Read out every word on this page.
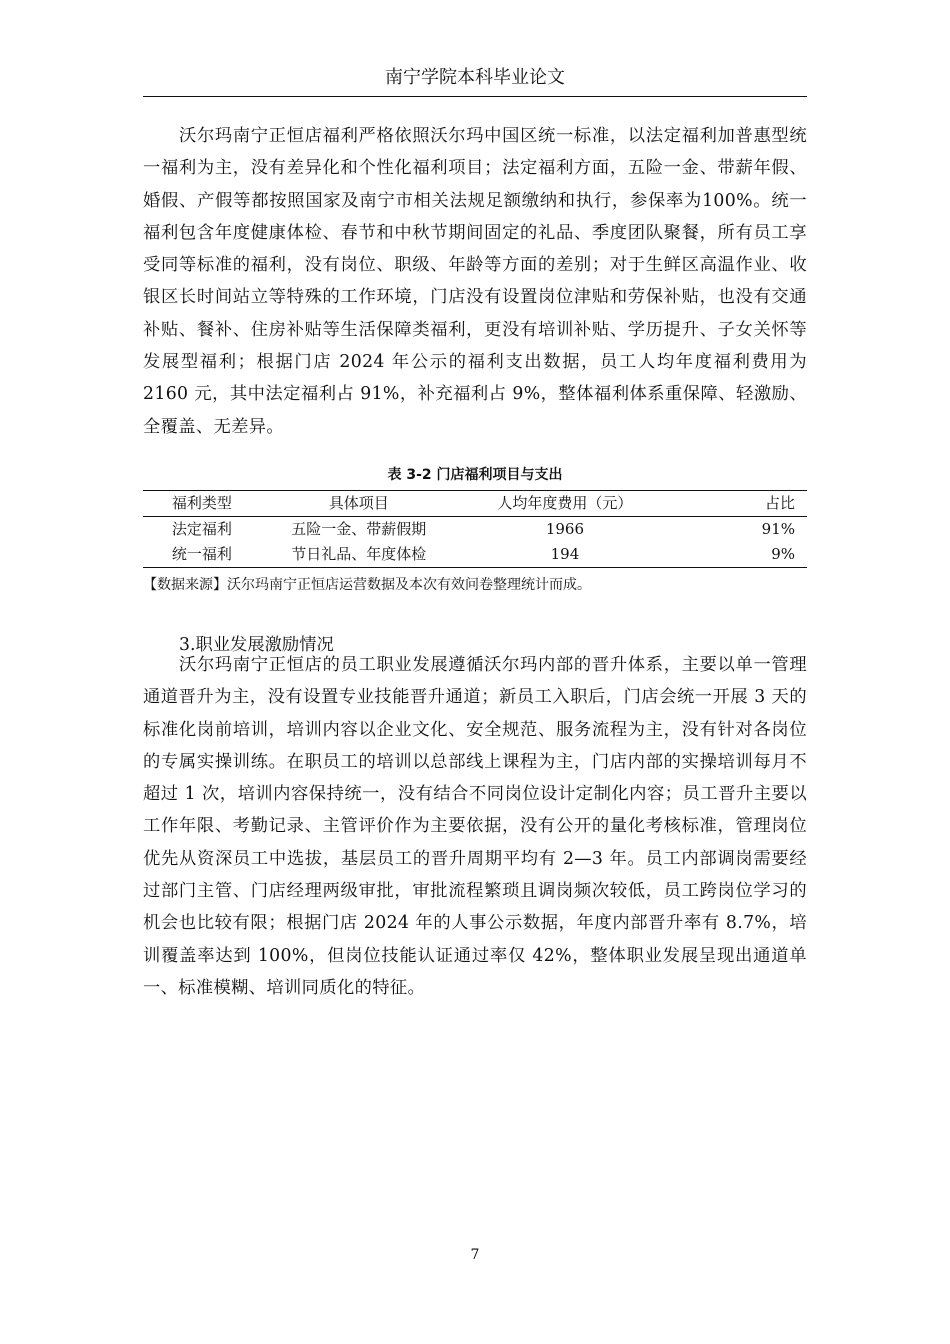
南宁学院本科毕业论文

沃尔玛南宁正恒店福利严格依照沃尔玛中国区统一标准，以法定福利加普惠型统一福利为主，没有差异化和个性化福利项目；法定福利方面，五险一金、带薪年假、婚假、产假等都按照国家及南宁市相关法规足额缴纳和执行，参保率为100%。统一福利包含年度健康体检、春节和中秋节期间固定的礼品、季度团队聚餐，所有员工享受同等标准的福利，没有岗位、职级、年龄等方面的差别；对于生鲜区高温作业、收银区长时间站立等特殊的工作环境，门店没有设置岗位津贴和劳保补贴，也没有交通补贴、餐补、住房补贴等生活保障类福利，更没有培训补贴、学历提升、子女关怀等发展型福利；根据门店 2024 年公示的福利支出数据，员工人均年度福利费用为 2160 元，其中法定福利占 91%，补充福利占 9%，整体福利体系重保障、轻激励、全覆盖、无差异。

表 3-2 门店福利项目与支出
福利类型	具体项目	人均年度费用（元）	占比
法定福利	五险一金、带薪假期	1966	91%
统一福利	节日礼品、年度体检	194	9%
【数据来源】沃尔玛南宁正恒店运营数据及本次有效问卷整理统计而成。
3.职业发展激励情况

沃尔玛南宁正恒店的员工职业发展遵循沃尔玛内部的晋升体系，主要以单一管理通道晋升为主，没有设置专业技能晋升通道；新员工入职后，门店会统一开展 3 天的标准化岗前培训，培训内容以企业文化、安全规范、服务流程为主，没有针对各岗位的专属实操训练。在职员工的培训以总部线上课程为主，门店内部的实操培训每月不超过 1 次，培训内容保持统一，没有结合不同岗位设计定制化内容；员工晋升主要以工作年限、考勤记录、主管评价作为主要依据，没有公开的量化考核标准，管理岗位优先从资深员工中选拔，基层员工的晋升周期平均有 2—3 年。员工内部调岗需要经过部门主管、门店经理两级审批，审批流程繁琐且调岗频次较低，员工跨岗位学习的机会也比较有限；根据门店 2024 年的人事公示数据，年度内部晋升率有 8.7%，培训覆盖率达到 100%，但岗位技能认证通过率仅 42%，整体职业发展呈现出通道单一、标准模糊、培训同质化的特征。

7
